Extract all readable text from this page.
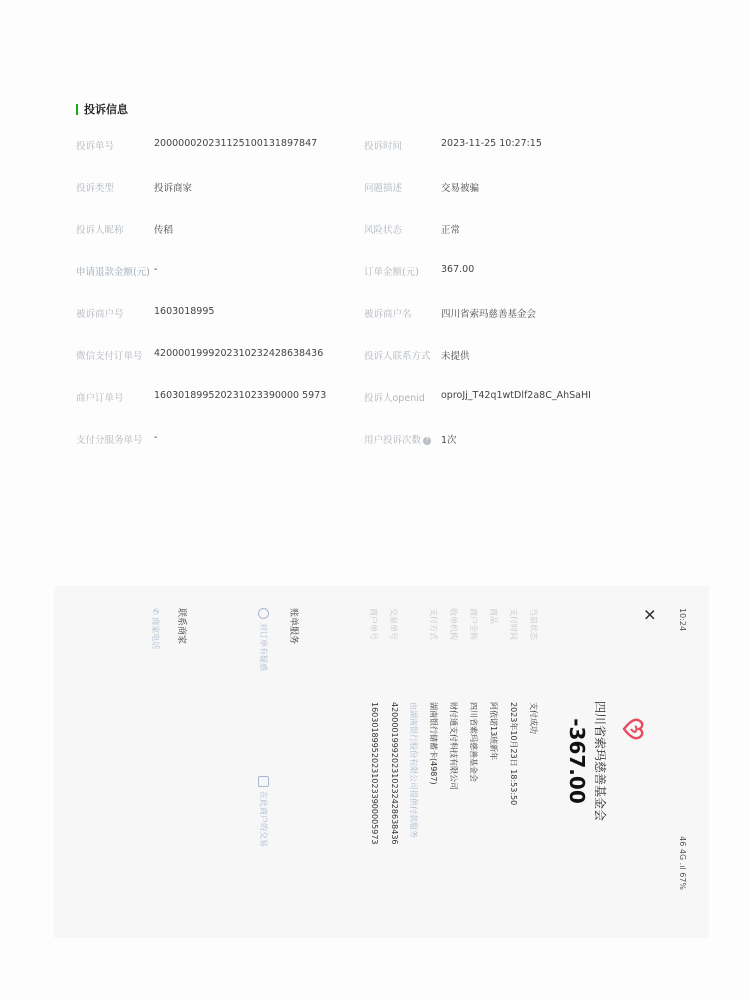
投诉信息
投诉单号	200000020231125100131897847	投诉时间	2023-11-25 10:27:15
投诉类型	投诉商家	问题描述	交易被骗
投诉人昵称	传稻	风险状态	正常
申请退款金额(元) -	订单金额(元) 367.00
被诉商户号	1603018995	被诉商户名	四川省索玛慈善基金会
微信支付订单号 4200001999202310232428638436	投诉人联系方式 未提供
商户订单号	160301899520231023390000 5973	投诉人openid oproJj_T42q1wtDlf2a8C_AhSaHI
支付分服务单号 -	用户投诉次数 ? 1次
10:24
46 4G .ıl 67%
✕
四川省索玛慈善基金会
-367.00
当前状态
支付成功
支付时间
2023年10月23日 18:53:50
商品
阿依诺13班新年
商户全称
四川省索玛慈善基金会
收单机构
财付通支付科技有限公司
支付方式
湖南银行储蓄卡(4987)
由湖南银行股份有限公司提供付款服务
交易单号
4200001999202310232428638436
商户单号
1603018995202310233900005973
账单服务
对订单有疑惑
在此商户的交易
联系商家
✆ 商家电话
